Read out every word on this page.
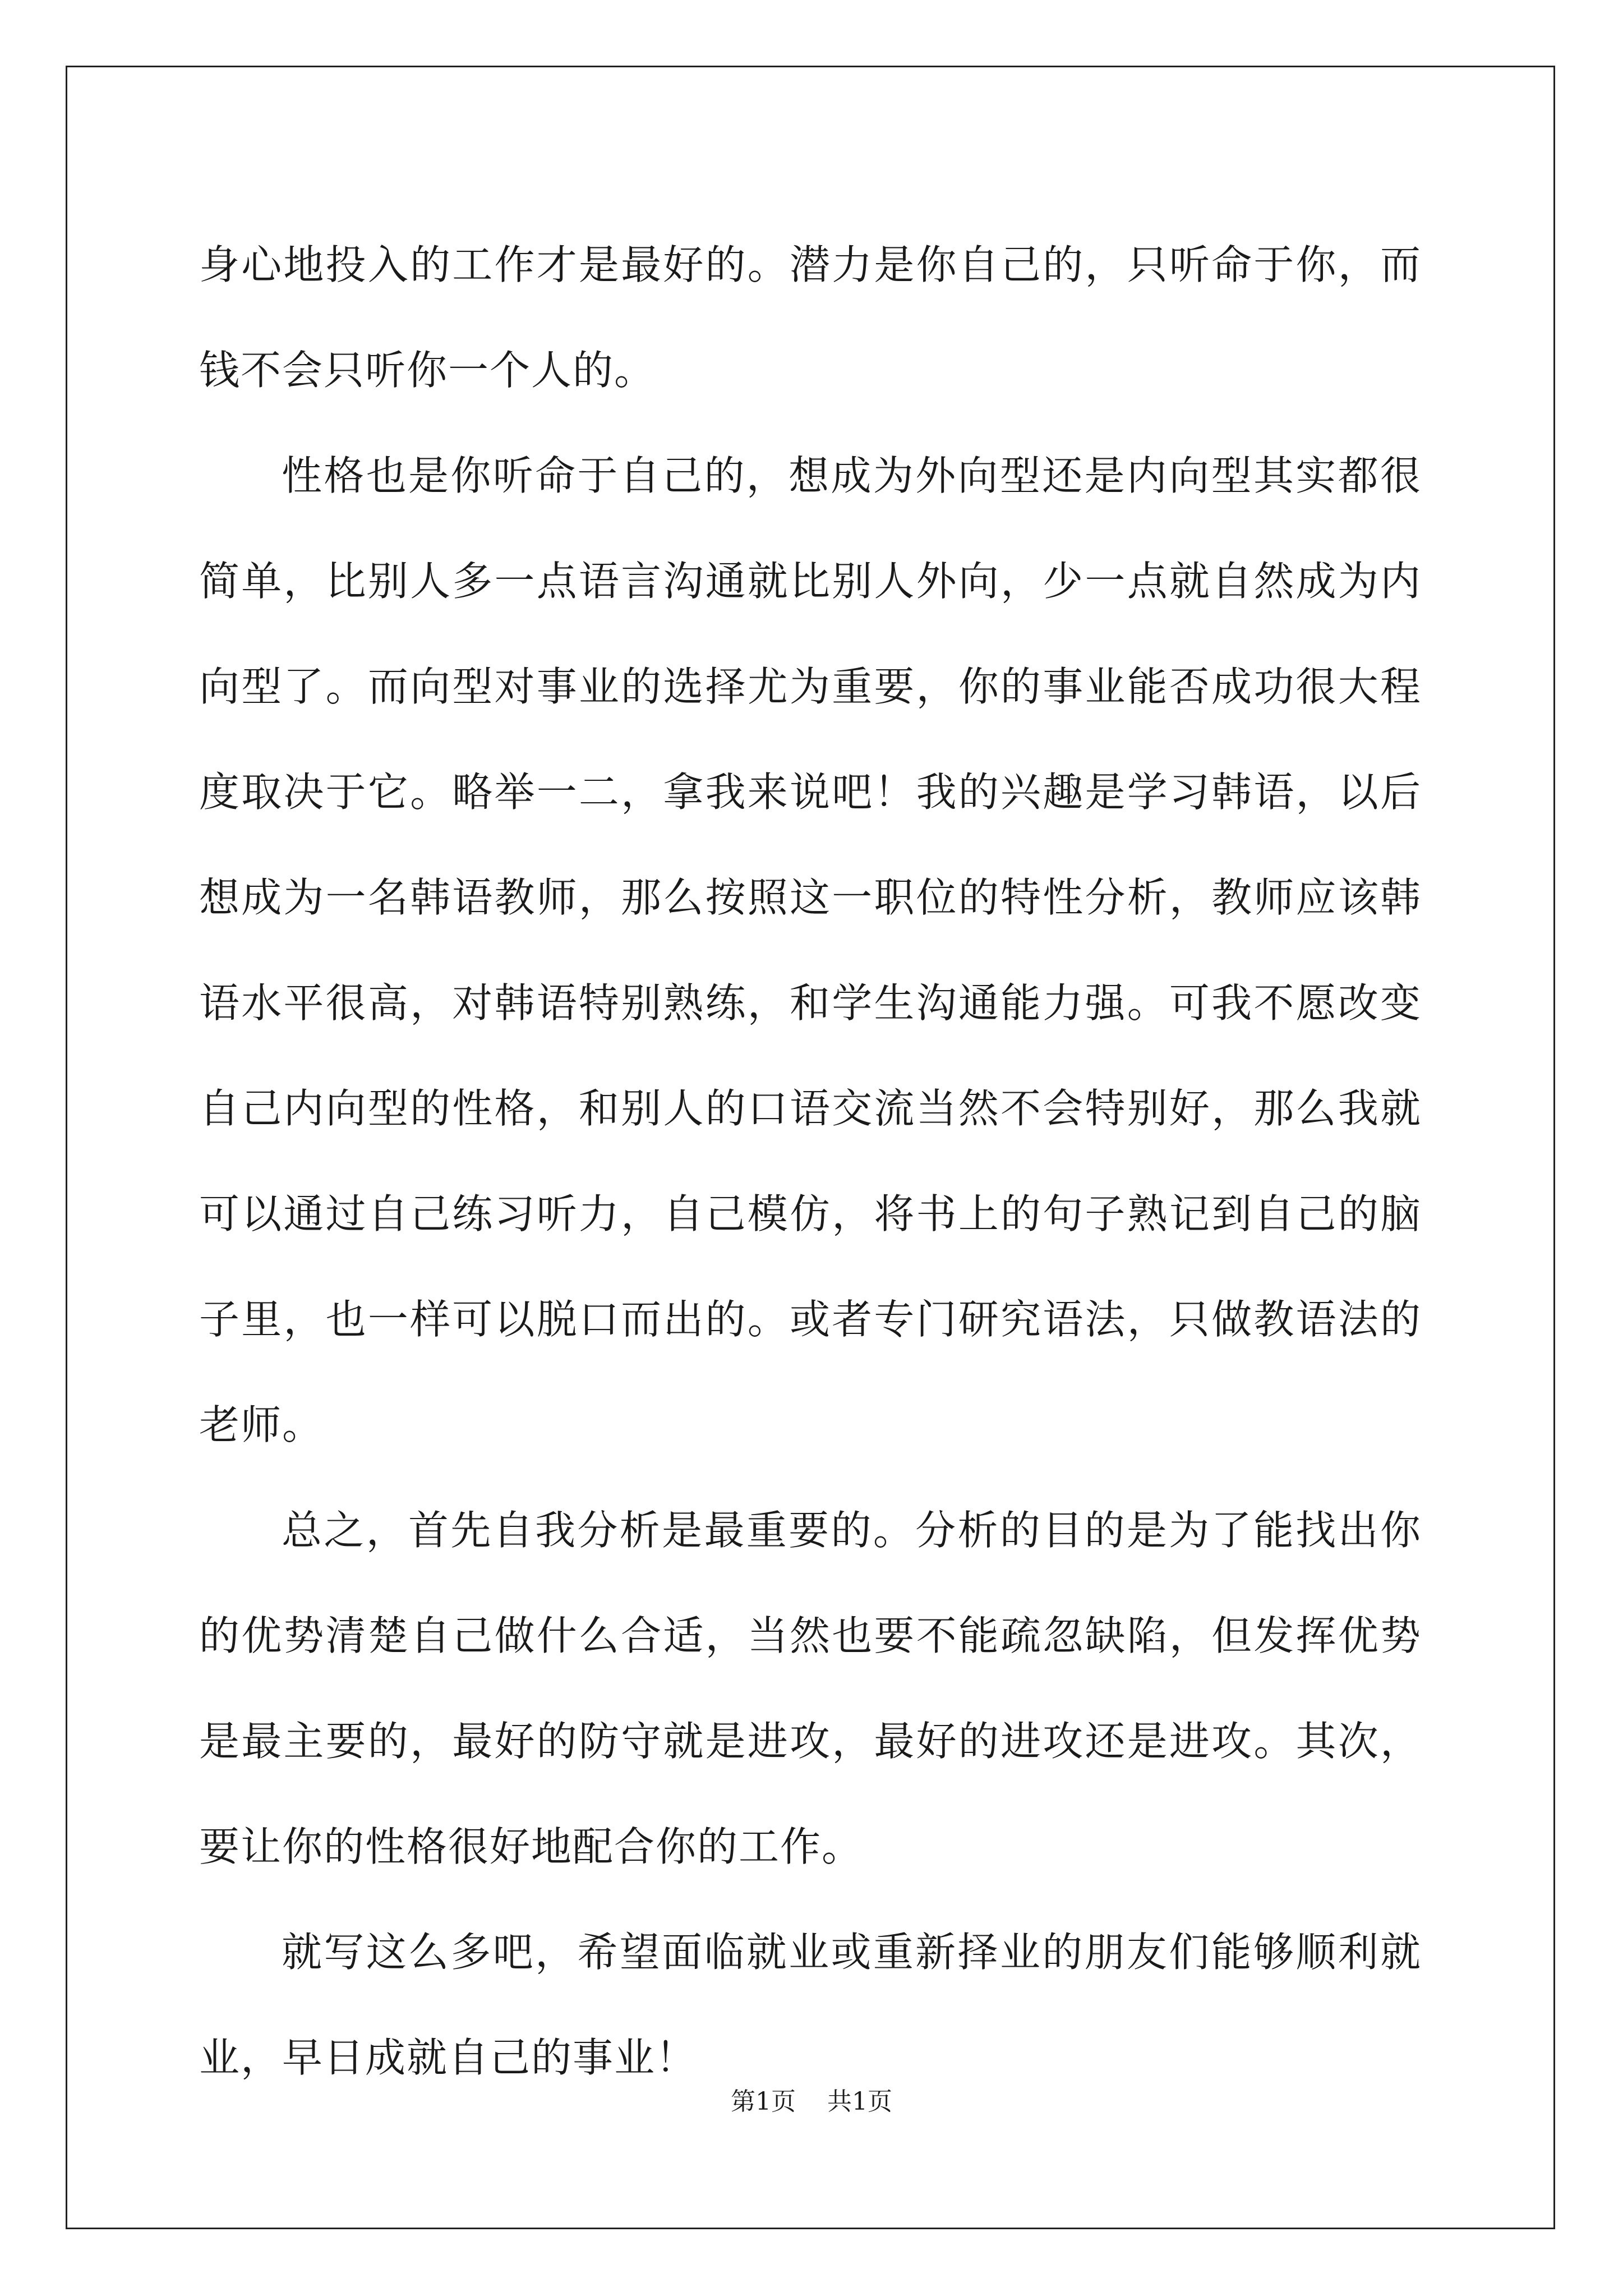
身心地投入的工作才是最好的。潜力是你自己的，只听命于你，而钱不会只听你一个人的。

性格也是你听命于自己的，想成为外向型还是内向型其实都很简单，比别人多一点语言沟通就比别人外向，少一点就自然成为内向型了。而向型对事业的选择尤为重要，你的事业能否成功很大程度取决于它。略举一二，拿我来说吧！我的兴趣是学习韩语，以后想成为一名韩语教师，那么按照这一职位的特性分析，教师应该韩语水平很高，对韩语特别熟练，和学生沟通能力强。可我不愿改变自己内向型的性格，和别人的口语交流当然不会特别好，那么我就可以通过自己练习听力，自己模仿，将书上的句子熟记到自己的脑子里，也一样可以脱口而出的。或者专门研究语法，只做教语法的老师。

总之，首先自我分析是最重要的。分析的目的是为了能找出你的优势清楚自己做什么合适，当然也要不能疏忽缺陷，但发挥优势是最主要的，最好的防守就是进攻，最好的进攻还是进攻。其次，要让你的性格很好地配合你的工作。

就写这么多吧，希望面临就业或重新择业的朋友们能够顺利就业，早日成就自己的事业！

第1页    共1页
